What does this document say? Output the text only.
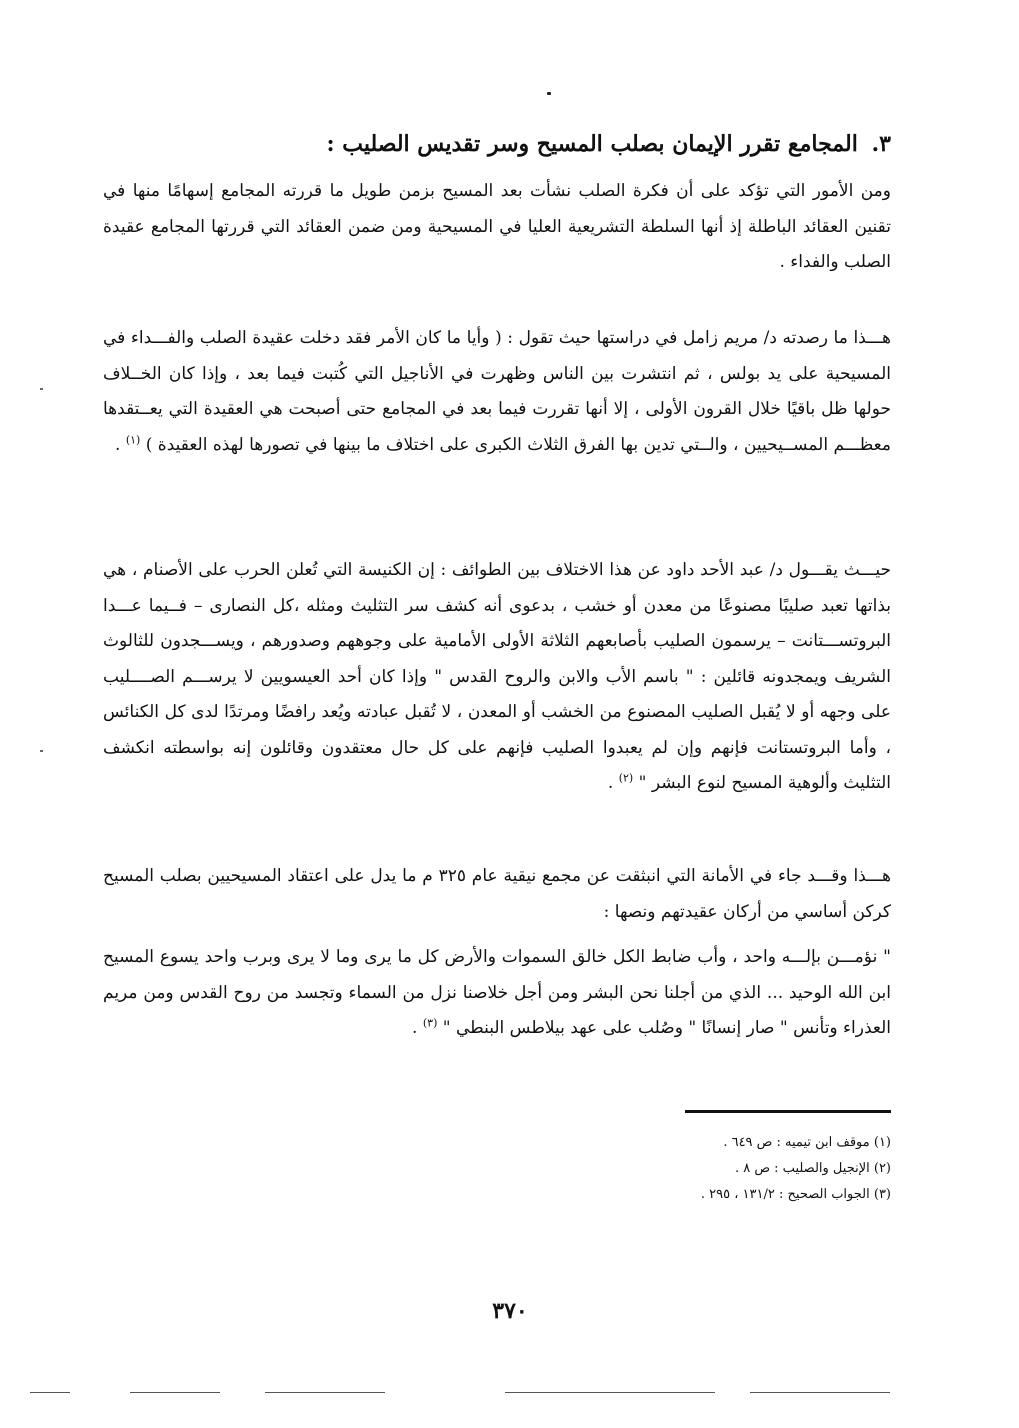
٣. المجامع تقرر الإيمان بصلب المسيح وسر تقديس الصليب :

ومن الأمور التي تؤكد على أن فكرة الصلب نشأت بعد المسيح بزمن طويل ما قررته المجامع إسهامًا منها في تقنين العقائد الباطلة إذ أنها السلطة التشريعية العليا في المسيحية ومن ضمن العقائد التي قررتها المجامع عقيدة الصلب والفداء .

هـــذا ما رصدته د/ مريم زامل في دراستها حيث تقول : ( وأيا ما كان الأمر فقد دخلت عقيدة الصلب والفـــداء في المسيحية على يد بولس ، ثم انتشرت بين الناس وظهرت في الأناجيل التي كُتبت فيما بعد ، وإذا كان الخــلاف حولها ظل باقيًا خلال القرون الأولى ، إلا أنها تقررت فيما بعد في المجامع حتى أصبحت هي العقيدة التي يعــتقدها معظـــم المســيحيين ، والــتي تدين بها الفرق الثلاث الكبرى على اختلاف ما بينها في تصورها لهذه العقيدة ) $^{(١)}$ .

حيـــث يقـــول د/ عبد الأحد داود عن هذا الاختلاف بين الطوائف : إن الكنيسة التي تُعلن الحرب على الأصنام ، هي بذاتها تعبد صليبًا مصنوعًا من معدن أو خشب ، بدعوى أنه كشف سر التثليث ومثله ،كل النصارى – فــيما عـــدا البروتســـتانت – يرسمون الصليب بأصابعهم الثلاثة الأولى الأمامية على وجوههم وصدورهم ، ويســـجدون للثالوث الشريف ويمجدونه قائلين : " باسم الأب والابن والروح القدس " وإذا كان أحد العيسويين لا يرســـم الصــــليب على وجهه أو لا يُقبل الصليب المصنوع من الخشب أو المعدن ، لا تُقبل عبادته ويُعد رافضًا ومرتدًا لدى كل الكنائس ، وأما البروتستانت فإنهم وإن لم يعبدوا الصليب فإنهم على كل حال معتقدون وقائلون إنه بواسطته انكشف التثليث وألوهية المسيح لنوع البشر " $^{(٢)}$ .

هـــذا وقـــد جاء في الأمانة التي انبثقت عن مجمع نيقية عام ٣٢٥ م ما يدل على اعتقاد المسيحيين بصلب المسيح كركن أساسي من أركان عقيدتهم ونصها :

" نؤمـــن بإلـــه واحد ، وأب ضابط الكل خالق السموات والأرض كل ما يرى وما لا يرى وبرب واحد يسوع المسيح ابن الله الوحيد ... الذي من أجلنا نحن البشر ومن أجل خلاصنا نزل من السماء وتجسد من روح القدس ومن مريم العذراء وتأنس " صار إنسانًا " وصُلب على عهد بيلاطس البنطي " $^{(٣)}$ .

(١) موقف ابن تيميه : ص ٦٤٩ .
(٢) الإنجيل والصليب : ص ٨ .
(٣) الجواب الصحيح : ١٣١/٢ ، ٢٩٥ .
٣٧٠
